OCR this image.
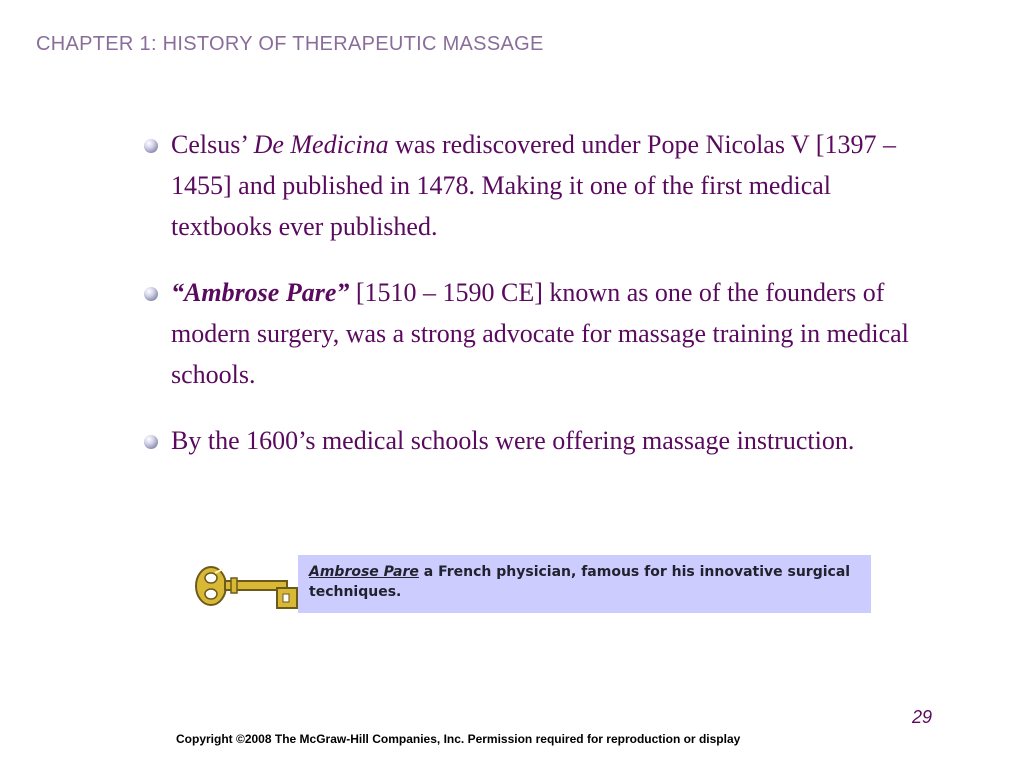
CHAPTER 1: HISTORY OF THERAPEUTIC MASSAGE
Celsus’ De Medicina was rediscovered under Pope Nicolas V [1397 – 1455] and published in 1478. Making it one of the first medical textbooks ever published.
“Ambrose Pare” [1510 – 1590 CE] known as one of the founders of modern surgery, was a strong advocate for massage training in medical schools.
By the 1600’s medical schools were offering massage instruction.
Ambrose Pare a French physician, famous for his innovative surgical techniques.
29
Copyright ©2008 The McGraw-Hill Companies, Inc. Permission required for reproduction or display
